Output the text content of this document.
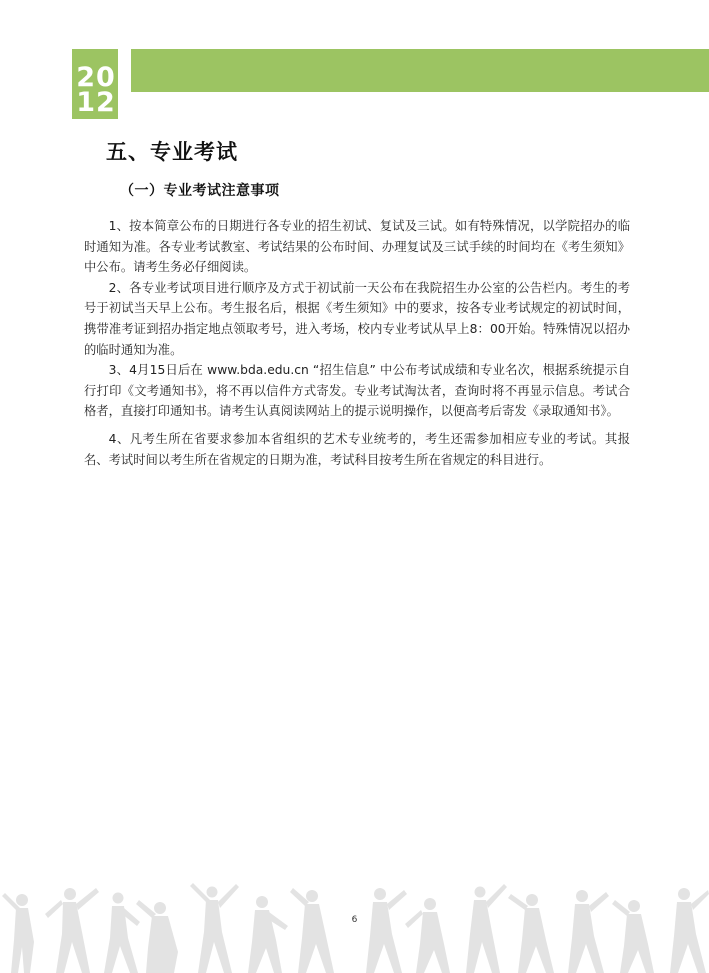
20
12
五、专业考试
（一）专业考试注意事项

1、按本简章公布的日期进行各专业的招生初试、复试及三试。如有特殊情况，以学院招办的临时通知为准。各专业考试教室、考试结果的公布时间、办理复试及三试手续的时间均在《考生须知》中公布。请考生务必仔细阅读。

2、各专业考试项目进行顺序及方式于初试前一天公布在我院招生办公室的公告栏内。考生的考号于初试当天早上公布。考生报名后，根据《考生须知》中的要求，按各专业考试规定的初试时间，携带准考证到招办指定地点领取考号，进入考场，校内专业考试从早上8：00开始。特殊情况以招办的临时通知为准。

3、4月15日后在 www.bda.edu.cn “招生信息” 中公布考试成绩和专业名次，根据系统提示自行打印《文考通知书》，将不再以信件方式寄发。专业考试淘汰者，查询时将不再显示信息。考试合格者，直接打印通知书。请考生认真阅读网站上的提示说明操作，以便高考后寄发《录取通知书》。

4、凡考生所在省要求参加本省组织的艺术专业统考的，考生还需参加相应专业的考试。其报名、考试时间以考生所在省规定的日期为准，考试科目按考生所在省规定的科目进行。

6
